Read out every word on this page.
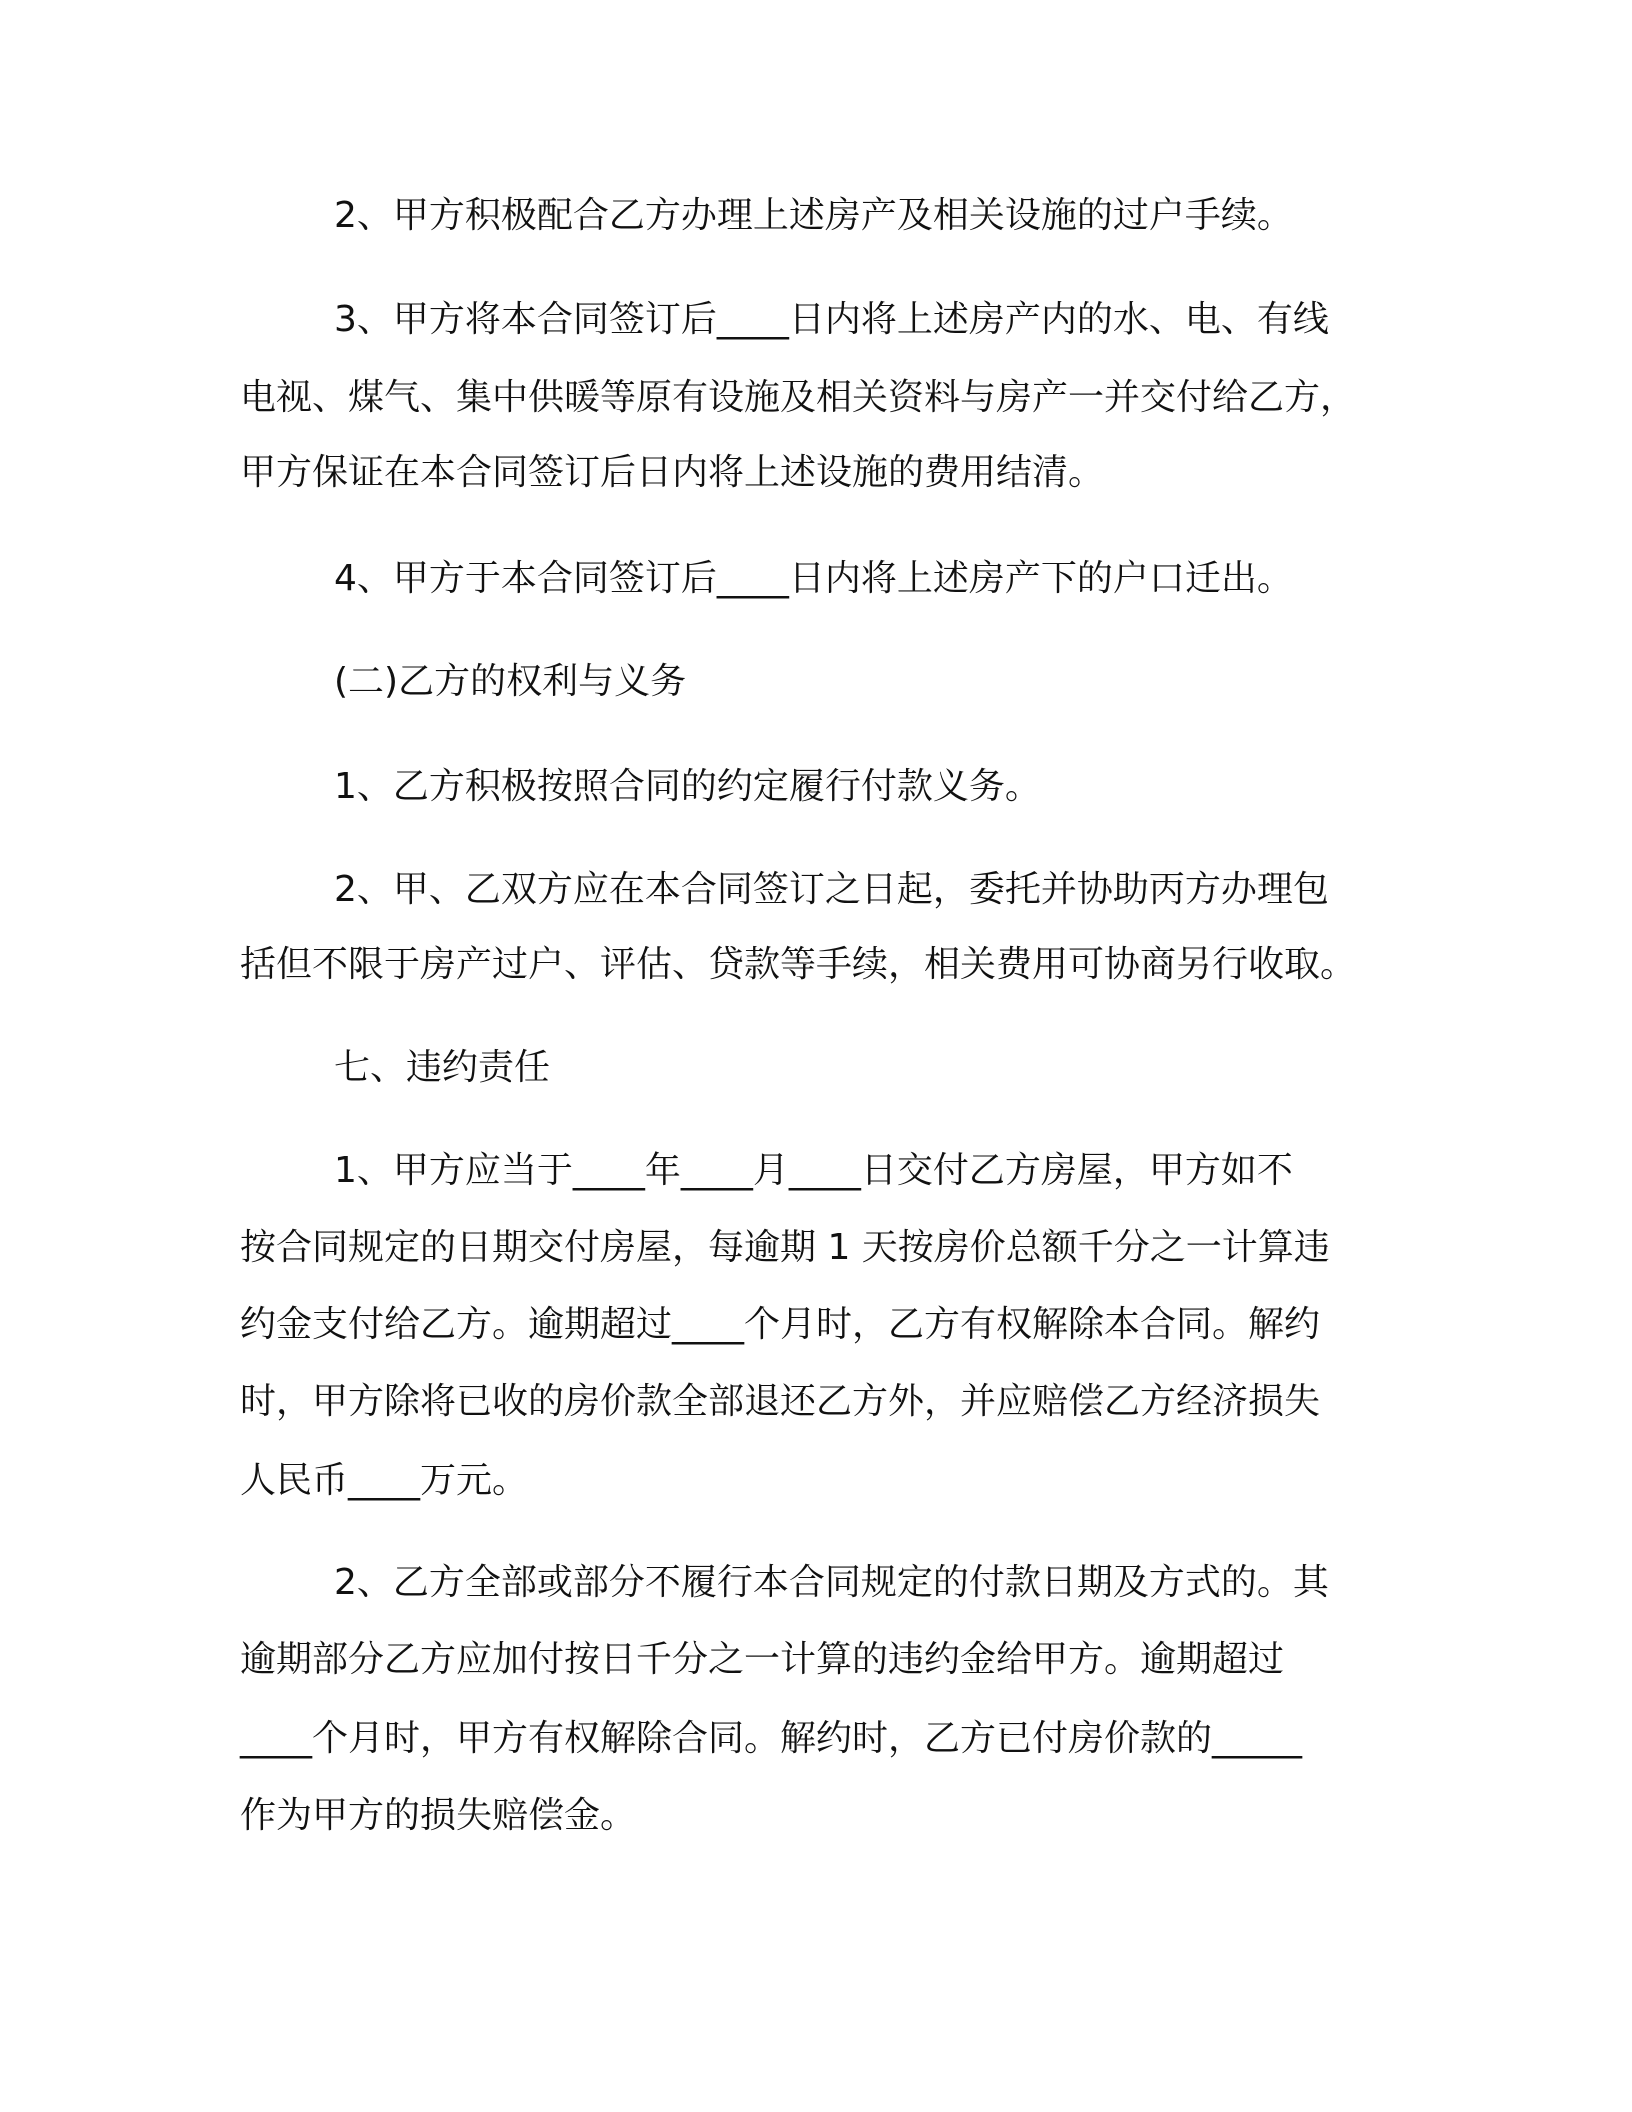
2、甲方积极配合乙方办理上述房产及相关设施的过户手续。
3、甲方将本合同签订后____日内将上述房产内的水、电、有线
电视、煤气、集中供暖等原有设施及相关资料与房产一并交付给乙方，
甲方保证在本合同签订后日内将上述设施的费用结清。
4、甲方于本合同签订后____日内将上述房产下的户口迁出。
(二)乙方的权利与义务
1、乙方积极按照合同的约定履行付款义务。
2、甲、乙双方应在本合同签订之日起，委托并协助丙方办理包
括但不限于房产过户、评估、贷款等手续，相关费用可协商另行收取。
七、违约责任
1、甲方应当于____年____月____日交付乙方房屋，甲方如不
按合同规定的日期交付房屋，每逾期 1 天按房价总额千分之一计算违
约金支付给乙方。逾期超过____个月时，乙方有权解除本合同。解约
时，甲方除将已收的房价款全部退还乙方外，并应赔偿乙方经济损失
人民币____万元。
2、乙方全部或部分不履行本合同规定的付款日期及方式的。其
逾期部分乙方应加付按日千分之一计算的违约金给甲方。逾期超过
____个月时，甲方有权解除合同。解约时，乙方已付房价款的_____
作为甲方的损失赔偿金。
